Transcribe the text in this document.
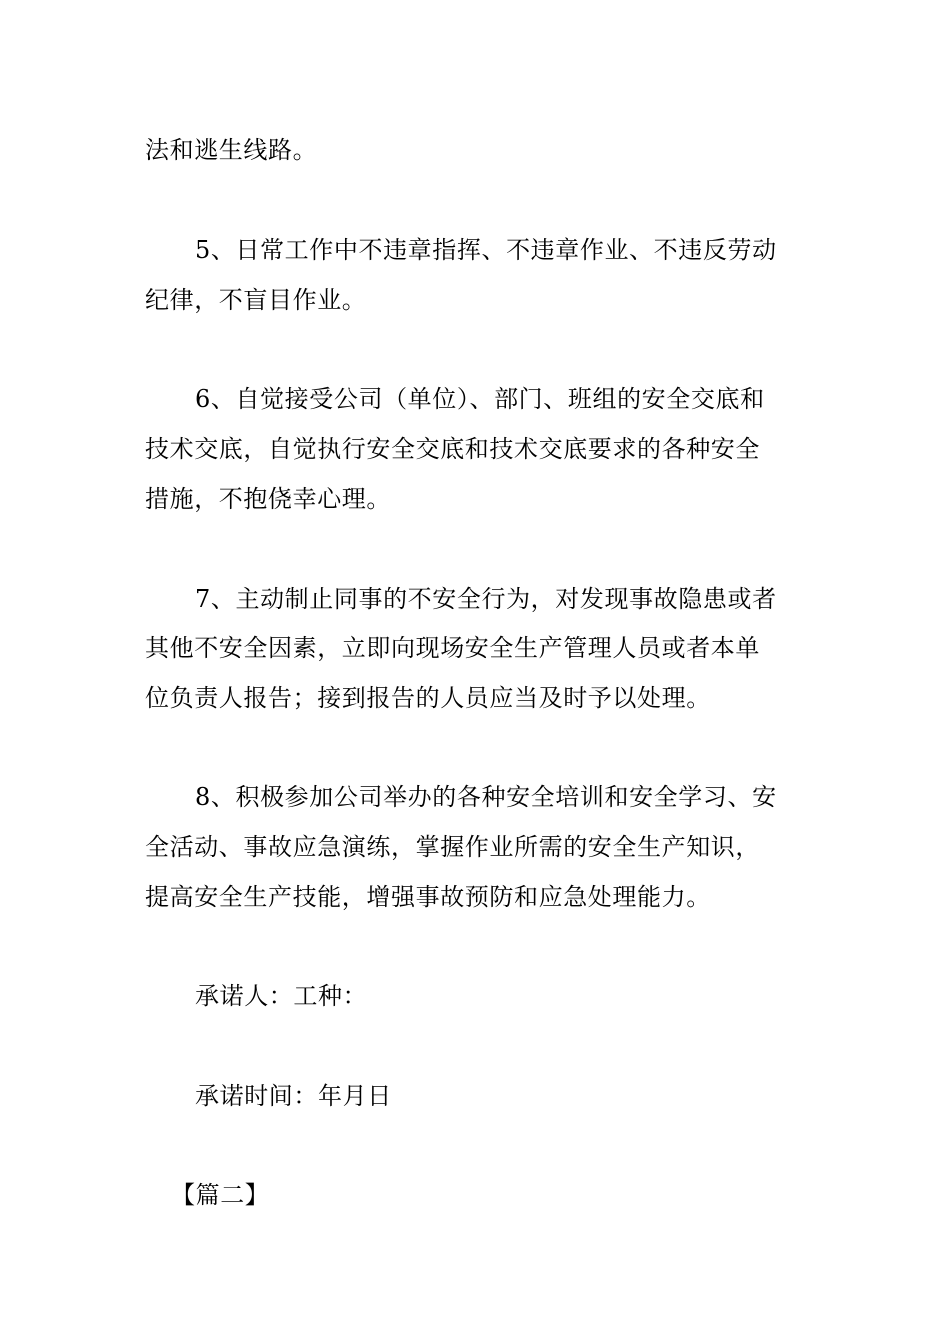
法和逃生线路。
5、日常工作中不违章指挥、不违章作业、不违反劳动
纪律，不盲目作业。
6、自觉接受公司（单位）、部门、班组的安全交底和
技术交底，自觉执行安全交底和技术交底要求的各种安全
措施，不抱侥幸心理。
7、主动制止同事的不安全行为，对发现事故隐患或者
其他不安全因素，立即向现场安全生产管理人员或者本单
位负责人报告；接到报告的人员应当及时予以处理。
8、积极参加公司举办的各种安全培训和安全学习、安
全活动、事故应急演练，掌握作业所需的安全生产知识，
提高安全生产技能，增强事故预防和应急处理能力。
承诺人：工种：
承诺时间：年月日
【篇二】
